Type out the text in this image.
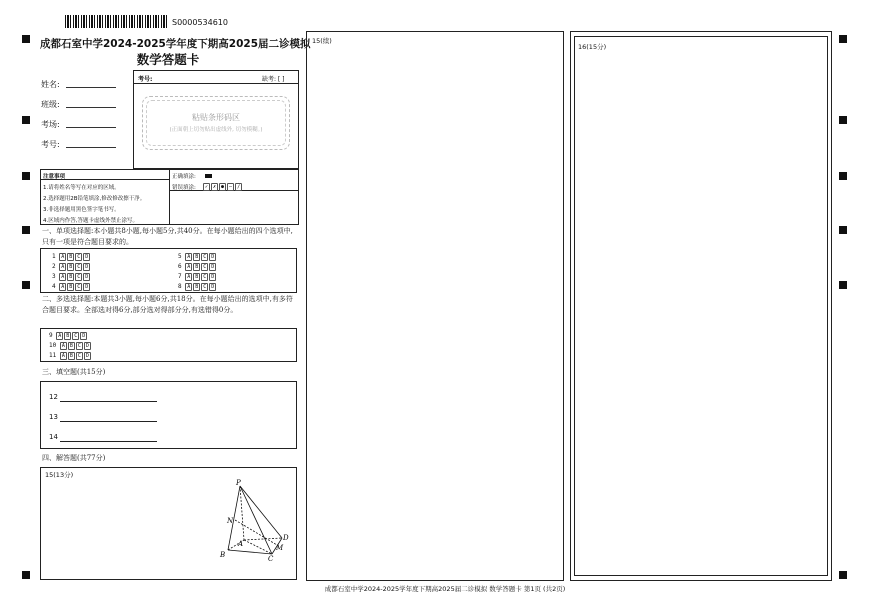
S0000534610
成都石室中学2024-2025学年度下期高2025届二诊模拟
数学答题卡
姓名:
班级:
考场:
考号:
考号:	缺考: [ ]
粘贴条形码区
(正面朝上切勿贴出虚线外, 切勿模糊。)
注意事项
1.请将姓名等写在对应的区域。
2.选择题用2B铅笔填涂,修改修改擦干净。
3.非选择题用黑色签字笔书写。
4.区域内作答,答题卡虚线外禁止涂写。
正确填涂:
错误填涂:	✓ ✗ ● — ∕
一、单项选择题:本小题共8小题,每小题5分,共40分。在每小题给出的四个选项中,只有一项是符合题目要求的。
1 A B C D
2 A B C D
3 A B C D
4 A B C D
5 A B C D
6 A B C D
7 A B C D
8 A B C D
二、多选选择题:本题共3小题,每小题6分,共18分。在每小题给出的选项中,有多符合题目要求。全部选对得6分,部分选对得部分分,有选错得0分。
9 A B C D
10 A B C D
11 A B C D
三、填空题(共15分)
12
13
14
四、解答题(共77分)
15(13分)
P
N
A
B	C
D
M
15(续)
16(15分)
成都石室中学2024-2025学年度下期高2025届二诊模拟 数学答题卡 第1页 (共2页)
